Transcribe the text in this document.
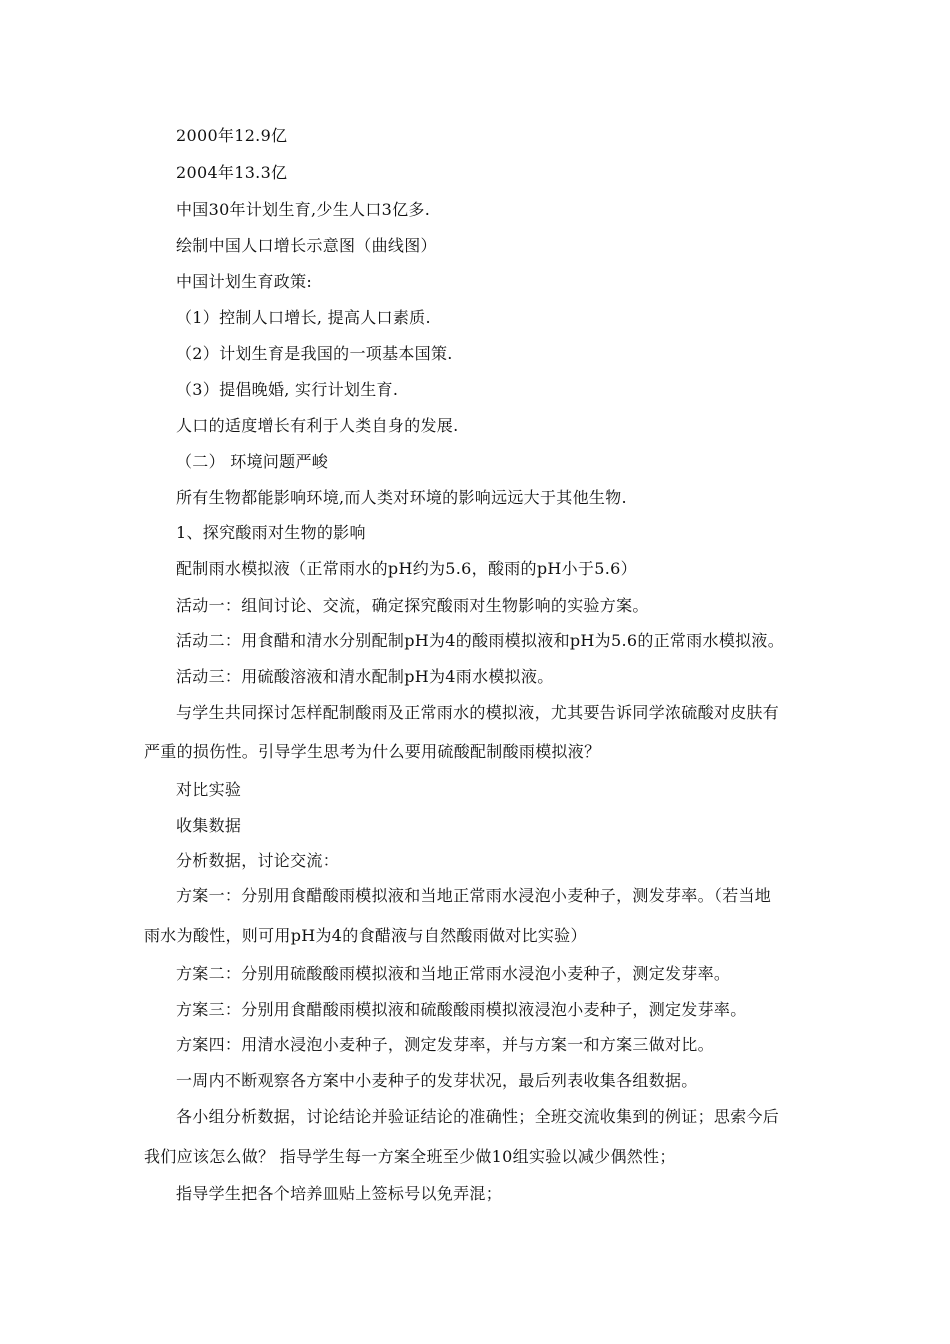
2000年12.9亿
2004年13.3亿
中国30年计划生育,少生人口3亿多.
绘制中国人口增长示意图（曲线图）
中国计划生育政策:
（1）控制人口增长, 提高人口素质.
（2）计划生育是我国的一项基本国策.
（3）提倡晚婚, 实行计划生育.
人口的适度增长有利于人类自身的发展.
（二） 环境问题严峻
所有生物都能影响环境,而人类对环境的影响远远大于其他生物.
1、探究酸雨对生物的影响
配制雨水模拟液（正常雨水的pH约为5.6，酸雨的pH小于5.6）
活动一：组间讨论、交流，确定探究酸雨对生物影响的实验方案。
活动二：用食醋和清水分别配制pH为4的酸雨模拟液和pH为5.6的正常雨水模拟液。
活动三：用硫酸溶液和清水配制pH为4雨水模拟液。
与学生共同探讨怎样配制酸雨及正常雨水的模拟液，尤其要告诉同学浓硫酸对皮肤有
严重的损伤性。引导学生思考为什么要用硫酸配制酸雨模拟液？
对比实验
收集数据
分析数据，讨论交流：
方案一：分别用食醋酸雨模拟液和当地正常雨水浸泡小麦种子，测发芽率。（若当地
雨水为酸性，则可用pH为4的食醋液与自然酸雨做对比实验）
方案二：分别用硫酸酸雨模拟液和当地正常雨水浸泡小麦种子，测定发芽率。
方案三：分别用食醋酸雨模拟液和硫酸酸雨模拟液浸泡小麦种子，测定发芽率。
方案四：用清水浸泡小麦种子，测定发芽率，并与方案一和方案三做对比。
一周内不断观察各方案中小麦种子的发芽状况，最后列表收集各组数据。
各小组分析数据，讨论结论并验证结论的准确性；全班交流收集到的例证；思索今后
我们应该怎么做？ 指导学生每一方案全班至少做10组实验以减少偶然性；
指导学生把各个培养皿贴上签标号以免弄混；
